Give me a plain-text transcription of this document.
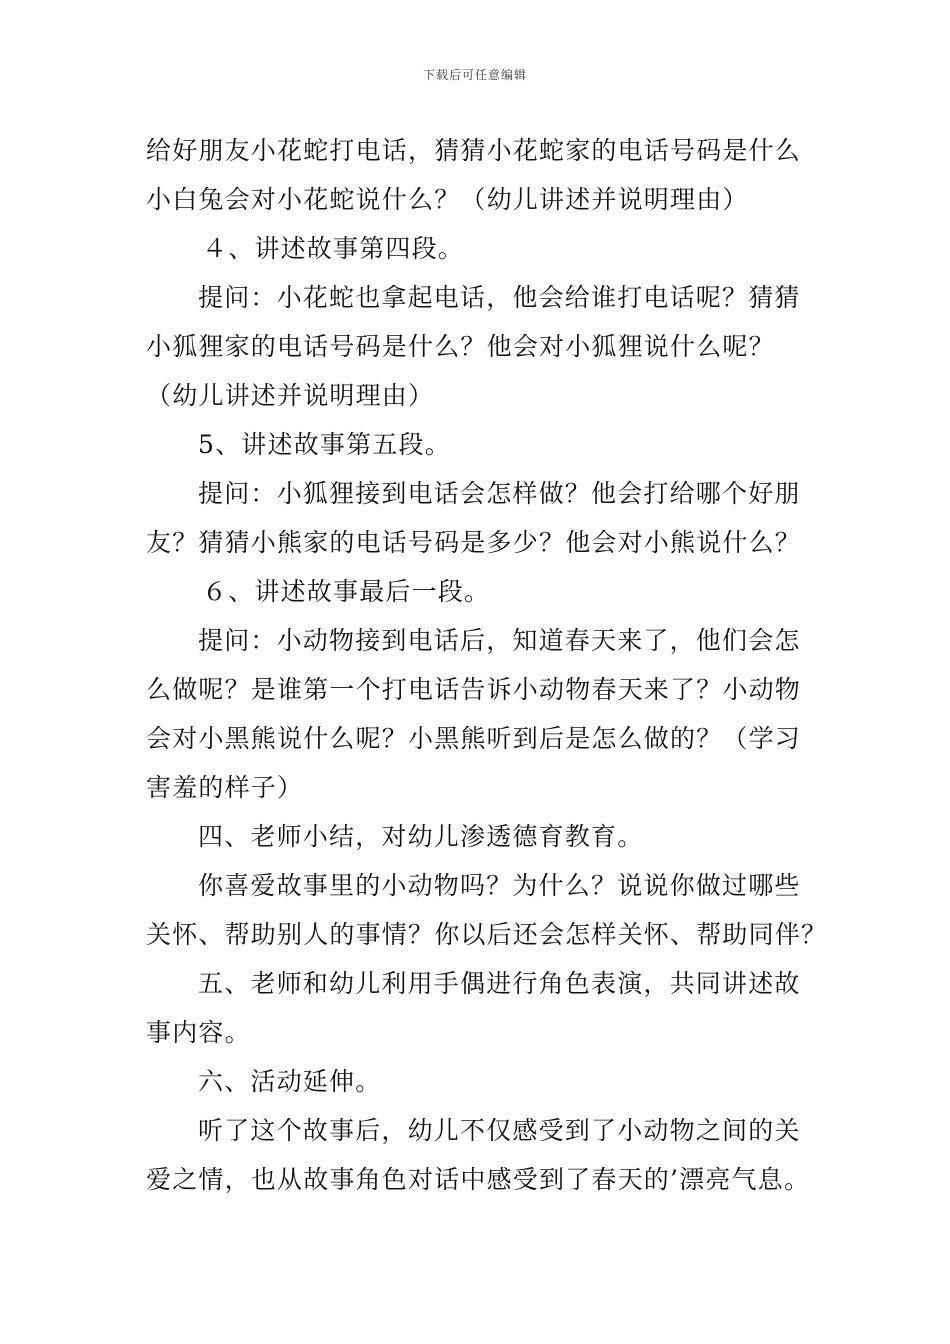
下载后可任意编辑
给好朋友小花蛇打电话，猜猜小花蛇家的电话号码是什么
小白兔会对小花蛇说什么？（幼儿讲述并说明理由）
４、讲述故事第四段。
提问：小花蛇也拿起电话，他会给谁打电话呢？猜猜
小狐狸家的电话号码是什么？他会对小狐狸说什么呢？
（幼儿讲述并说明理由）
5、讲述故事第五段。
提问：小狐狸接到电话会怎样做？他会打给哪个好朋
友？猜猜小熊家的电话号码是多少？他会对小熊说什么？
６、讲述故事最后一段。
提问：小动物接到电话后，知道春天来了，他们会怎
么做呢？是谁第一个打电话告诉小动物春天来了？小动物
会对小黑熊说什么呢？小黑熊听到后是怎么做的？（学习
害羞的样子）
四、老师小结，对幼儿渗透德育教育。
你喜爱故事里的小动物吗？为什么？说说你做过哪些
关怀、帮助别人的事情？你以后还会怎样关怀、帮助同伴？
五、老师和幼儿利用手偶进行角色表演，共同讲述故
事内容。
六、活动延伸。
听了这个故事后，幼儿不仅感受到了小动物之间的关
爱之情，也从故事角色对话中感受到了春天的’漂亮气息。
